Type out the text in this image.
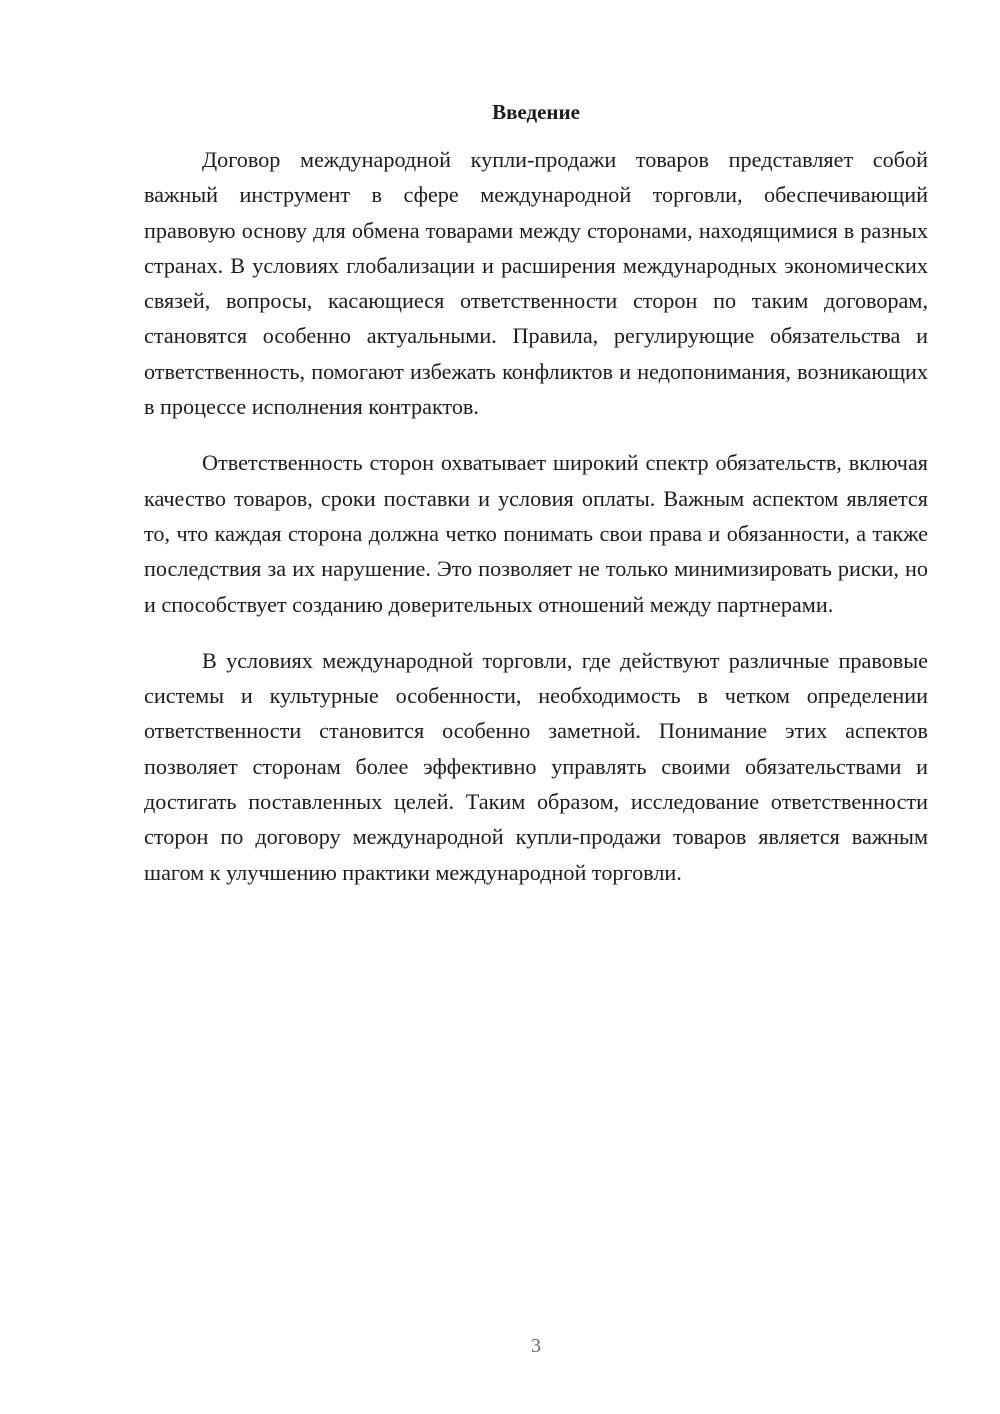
Введение

Договор международной купли-продажи товаров представляет собой важный инструмент в сфере международной торговли, обеспечивающий правовую основу для обмена товарами между сторонами, находящимися в разных странах. В условиях глобализации и расширения международных экономических связей, вопросы, касающиеся ответственности сторон по таким договорам, становятся особенно актуальными. Правила, регулирующие обязательства и ответственность, помогают избежать конфликтов и недопонимания, возникающих в процессе исполнения контрактов.

Ответственность сторон охватывает широкий спектр обязательств, включая качество товаров, сроки поставки и условия оплаты. Важным аспектом является то, что каждая сторона должна четко понимать свои права и обязанности, а также последствия за их нарушение. Это позволяет не только минимизировать риски, но и способствует созданию доверительных отношений между партнерами.

В условиях международной торговли, где действуют различные правовые системы и культурные особенности, необходимость в четком определении ответственности становится особенно заметной. Понимание этих аспектов позволяет сторонам более эффективно управлять своими обязательствами и достигать поставленных целей. Таким образом, исследование ответственности сторон по договору международной купли-продажи товаров является важным шагом к улучшению практики международной торговли.

3
